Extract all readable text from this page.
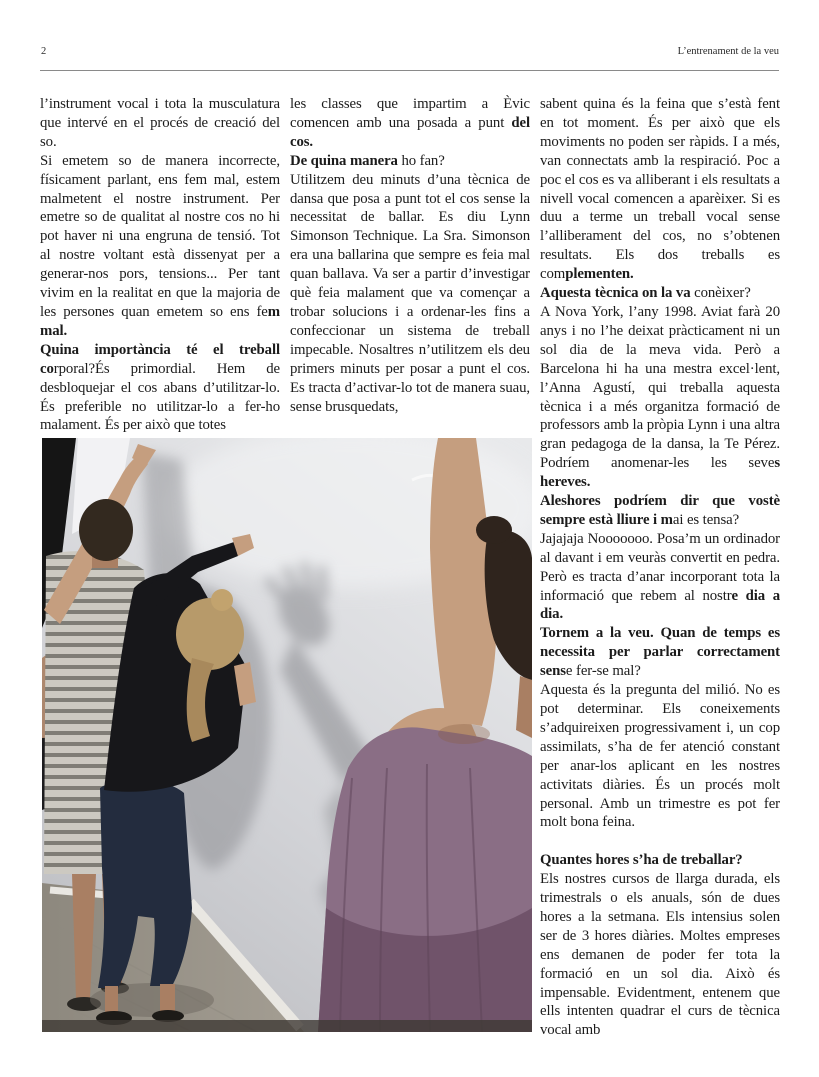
2	L’entrenament de la veu

l’instrument vocal i tota la musculatura que intervé en el procés de creació del so.

Si emetem so de manera incorrecte, físicament parlant, ens fem mal, estem malmetent el nostre instrument. Per emetre so de qualitat al nostre cos no hi pot haver ni una engruna de tensió. Tot al nostre voltant està dissenyat per a generar-nos pors, tensions... Per tant vivim en la realitat en que la majoria de les persones quan emetem so ens fem mal.

Quina importància té el treball corporal?És primordial. Hem de desbloquejar el cos abans d’utilitzar-lo. És preferible no utilitzar-lo a fer-ho malament. És per això que totes

les classes que impartim a Èvic comencen amb una posada a punt del cos.

De quina manera ho fan?

Utilitzem deu minuts d’una tècnica de dansa que posa a punt tot el cos sense la necessitat de ballar. Es diu Lynn Simonson Technique. La Sra. Simonson era una ballarina que sempre es feia mal quan ballava. Va ser a partir d’investigar què feia malament que va començar a trobar solucions i a ordenar-les fins a confeccionar un sistema de treball impecable. Nosaltres n’utilitzem els deu primers minuts per posar a punt el cos. Es tracta d’activar-lo tot de manera suau, sense brusquedats,

sabent quina és la feina que s’està fent en tot moment. És per això que els moviments no poden ser ràpids. I a més, van connectats amb la respiració. Poc a poc el cos es va alliberant i els resultats a nivell vocal comencen a aparèixer. Si es duu a terme un treball vocal sense l’alliberament del cos, no s’obtenen resultats. Els dos treballs es complementen.

Aquesta tècnica on la va conèixer?

A Nova York, l’any 1998. Aviat farà 20 anys i no l’he deixat pràcticament ni un sol dia de la meva vida. Però a Barcelona hi ha una mestra excel·lent, l’Anna Agustí, qui treballa aquesta tècnica i a més organitza formació de professors amb la pròpia Lynn i una altra gran pedagoga de la dansa, la Te Pérez. Podríem anomenar-les les seves hereves.

Aleshores podríem dir que vostè sempre està lliure i mai es tensa?

Jajajaja Nooooooo. Posa’m un ordinador al davant i em veuràs convertit en pedra. Però es tracta d’anar incorporant tota la informació que rebem al nostre dia a dia.

Tornem a la veu. Quan de temps es necessita per parlar correctament sense fer-se mal?

Aquesta és la pregunta del milió. No es pot determinar. Els coneixements s’adquireixen progressivament i, un cop assimilats, s’ha de fer atenció constant per anar-los aplicant en les nostres activitats diàries. És un procés molt personal. Amb un trimestre es pot fer molt bona feina.

Quantes hores s’ha de treballar?

Els nostres cursos de llarga durada, els trimestrals o els anuals, són de dues hores a la setmana. Els intensius solen ser de 3 hores diàries. Moltes empreses ens demanen de poder fer tota la formació en un sol dia. Això és impensable. Evidentment, entenem que ells intenten quadrar el curs de tècnica vocal amb
